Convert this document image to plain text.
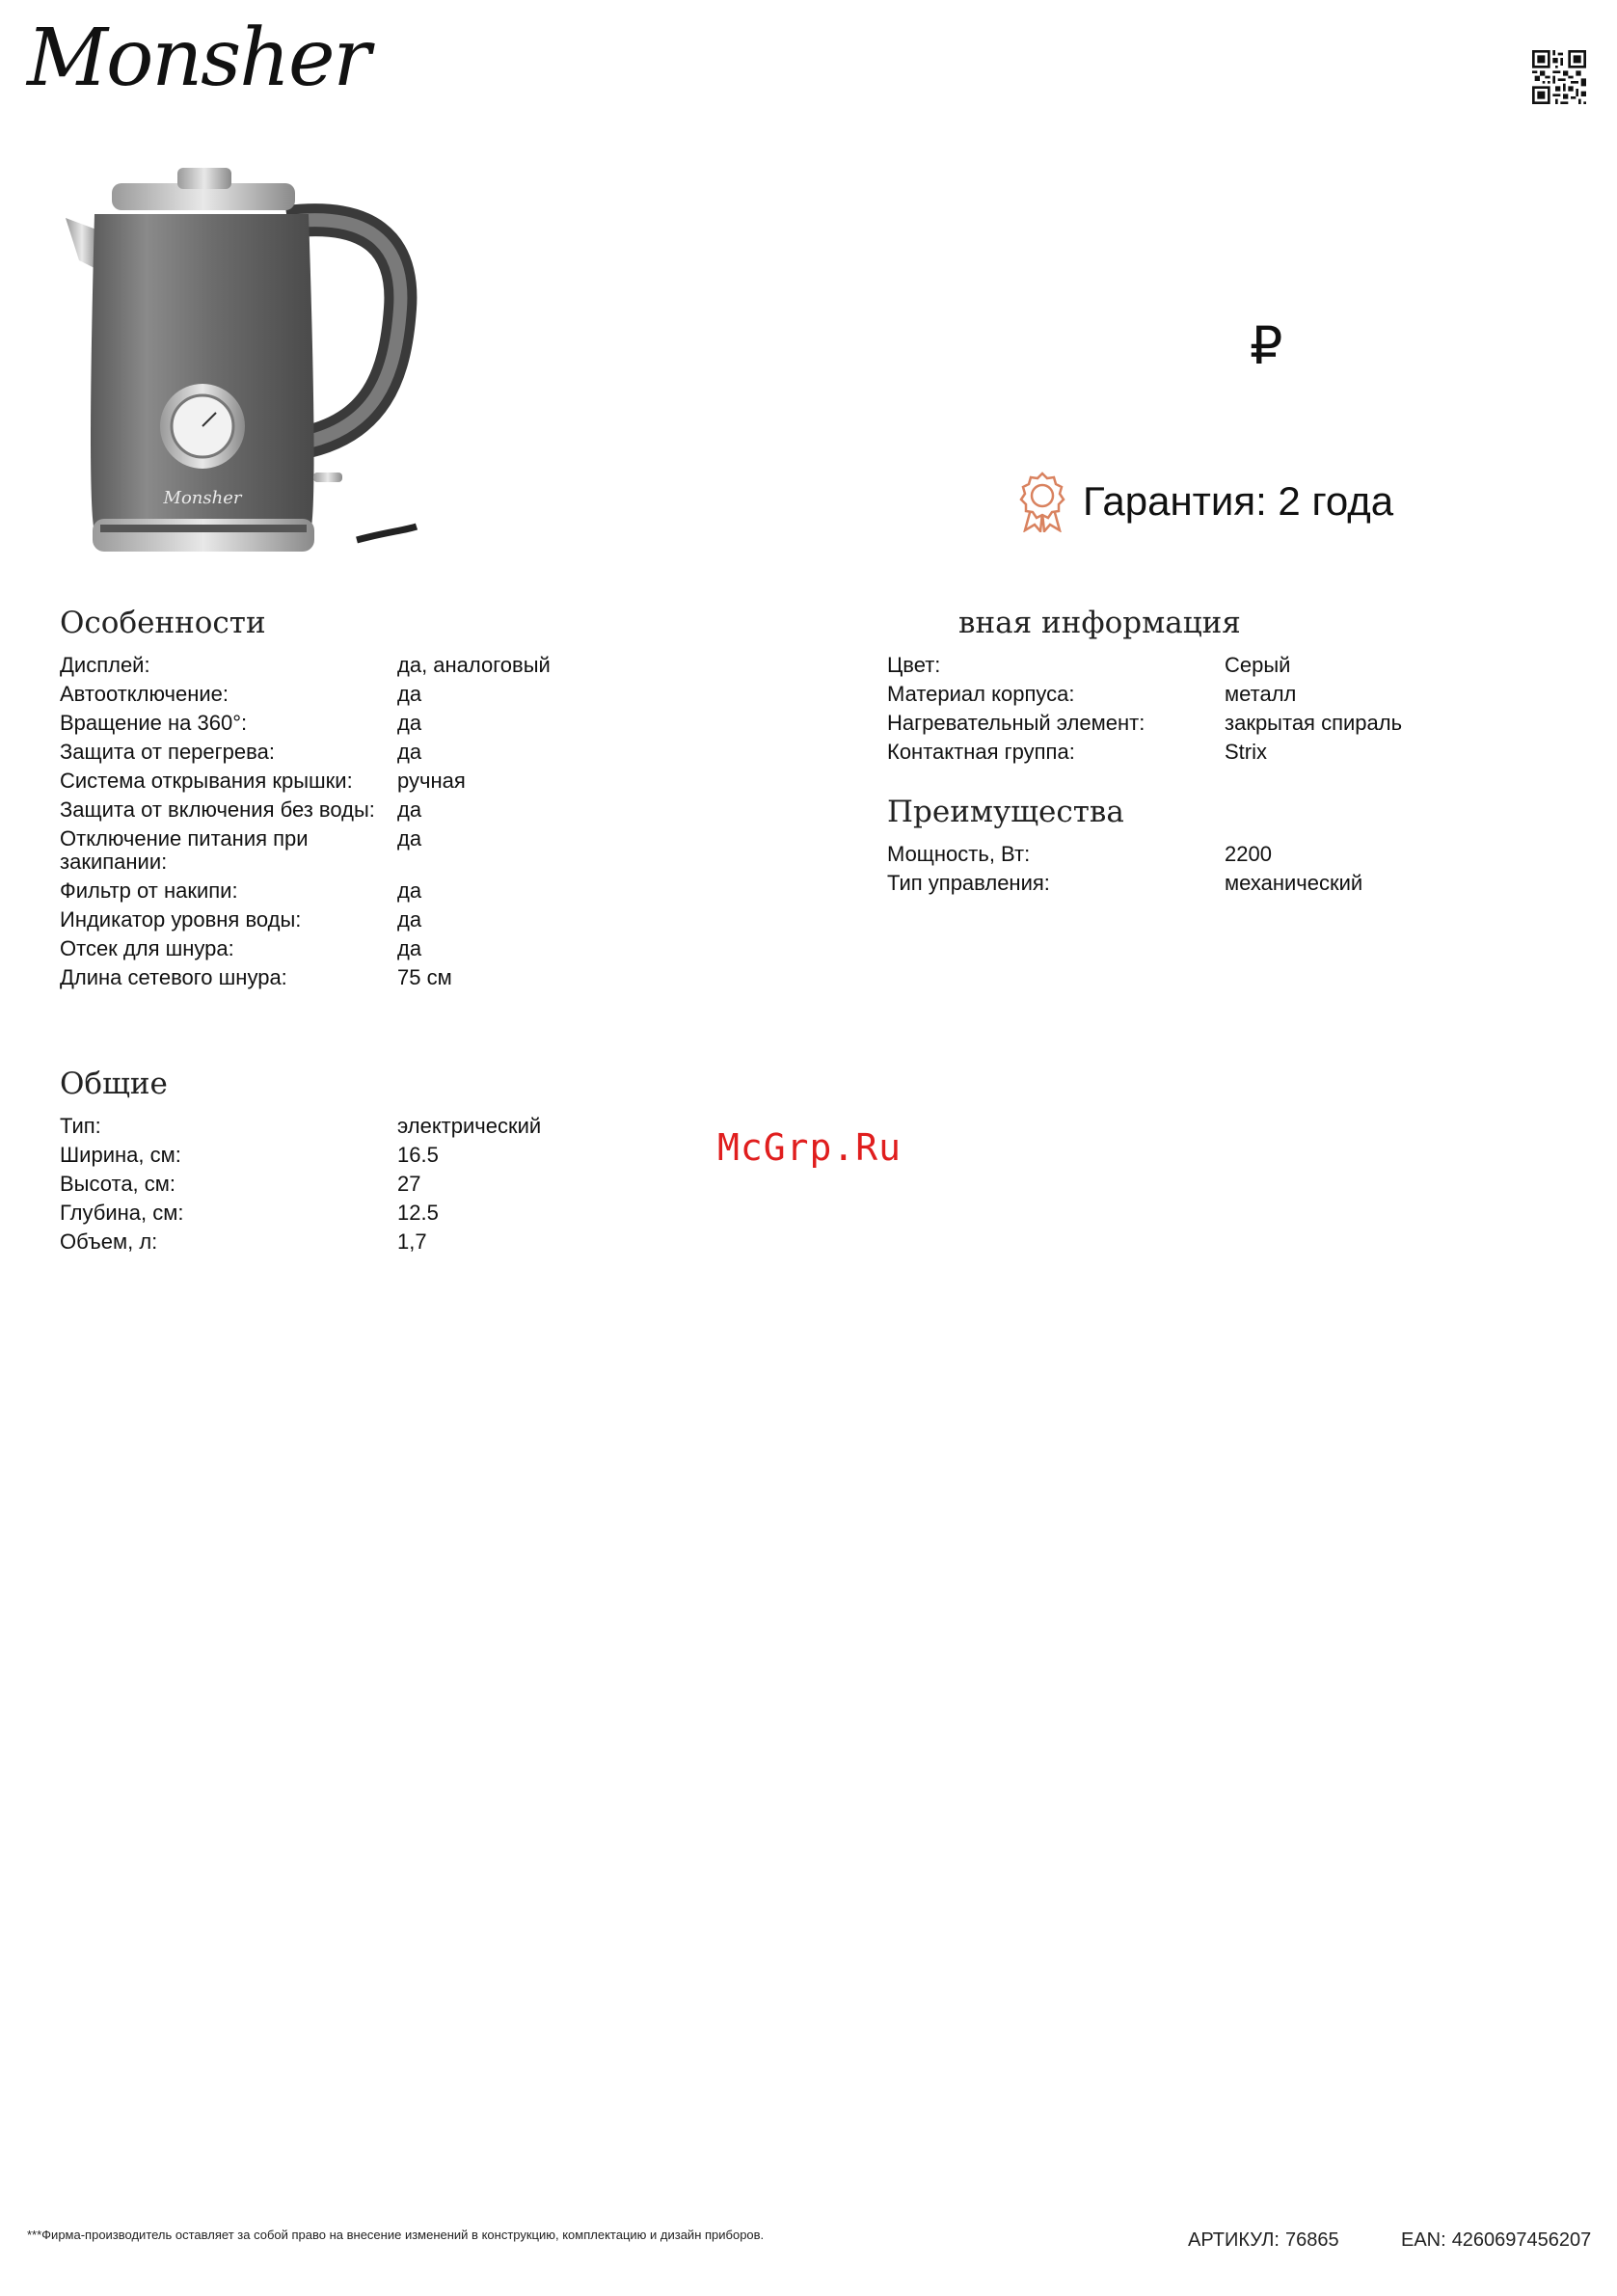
Monsher
Monsher
₽
Гарантия: 2 года
Особенности
Дисплей:	да, аналоговый
Автоотключение:	да
Вращение на 360°:	да
Защита от перегрева:	да
Система открывания крышки:	ручная
Защита от включения без воды:	да
Отключение питания при закипании:
да
Фильтр от накипи:	да
Индикатор уровня воды:	да
Отсек для шнура:	да
Длина сетевого шнура:	75 см
Общие
Тип:	электрический
Ширина, см:	16.5
Высота, см:	27
Глубина, см:	12.5
Объем, л:	1,7
вная информация
Цвет:	Серый
Материал корпуса:	металл
Нагревательный элемент:	закрытая спираль
Контактная группа:	Strix
Преимущества
Мощность, Вт:	2200
Тип управления:	механический
McGrp.Ru
***Фирма-производитель оставляет за собой право на внесение изменений в конструкцию, комплектацию и дизайн приборов.	АРТИКУЛ: 76865	EAN: 4260697456207
